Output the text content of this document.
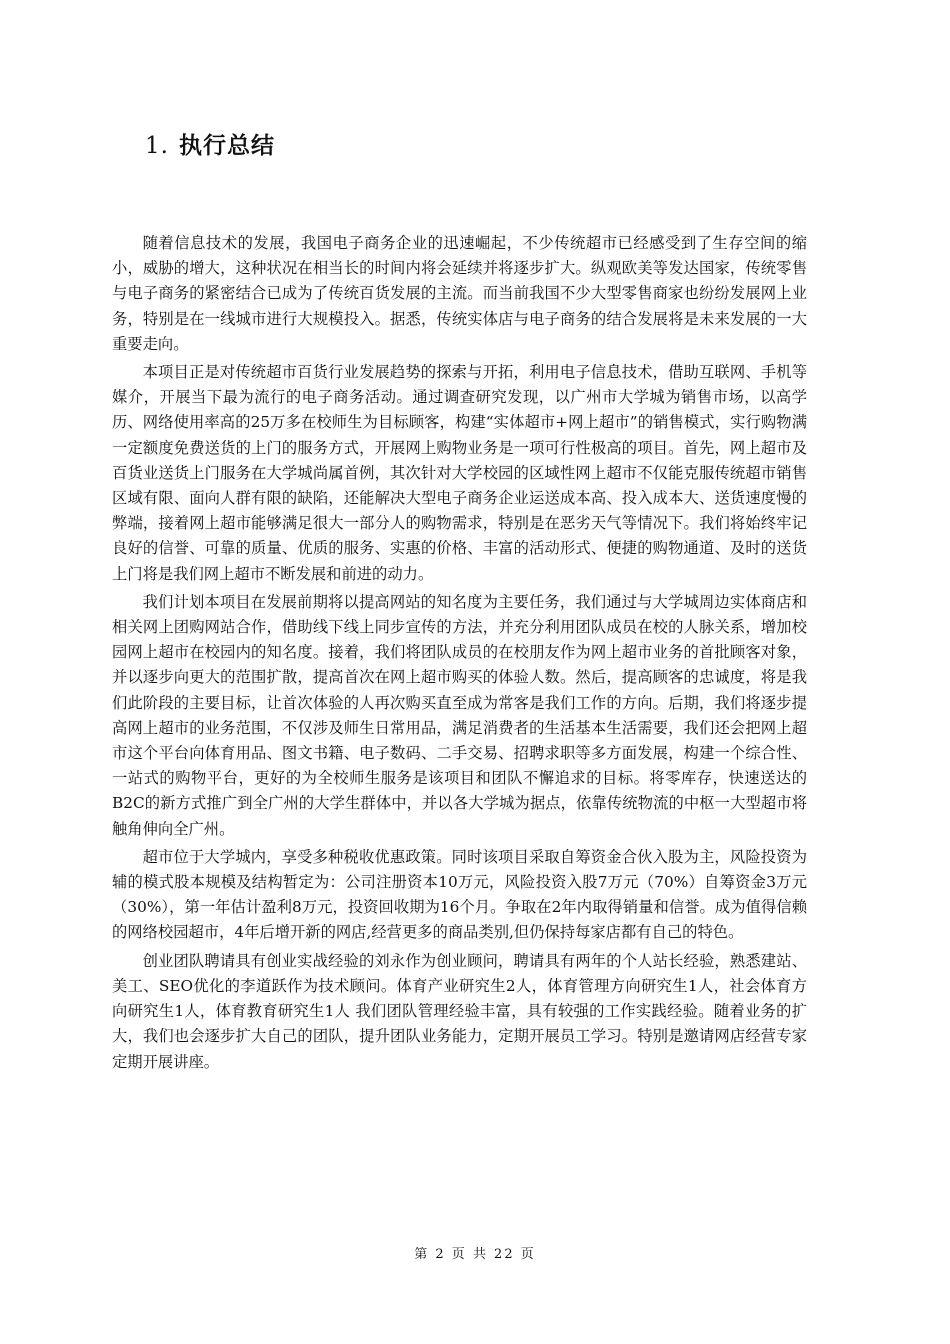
1. 执行总结

随着信息技术的发展，我国电子商务企业的迅速崛起，不少传统超市已经感受到了生存空间的缩小，威胁的增大，这种状况在相当长的时间内将会延续并将逐步扩大。纵观欧美等发达国家，传统零售与电子商务的紧密结合已成为了传统百货发展的主流。而当前我国不少大型零售商家也纷纷发展网上业务，特别是在一线城市进行大规模投入。据悉，传统实体店与电子商务的结合发展将是未来发展的一大重要走向。

本项目正是对传统超市百货行业发展趋势的探索与开拓，利用电子信息技术，借助互联网、手机等媒介，开展当下最为流行的电子商务活动。通过调查研究发现，以广州市大学城为销售市场，以高学历、网络使用率高的25万多在校师生为目标顾客，构建“实体超市+网上超市”的销售模式，实行购物满一定额度免费送货的上门的服务方式，开展网上购物业务是一项可行性极高的项目。首先，网上超市及百货业送货上门服务在大学城尚属首例，其次针对大学校园的区域性网上超市不仅能克服传统超市销售区域有限、面向人群有限的缺陷，还能解决大型电子商务企业运送成本高、投入成本大、送货速度慢的弊端，接着网上超市能够满足很大一部分人的购物需求，特别是在恶劣天气等情况下。我们将始终牢记良好的信誉、可靠的质量、优质的服务、实惠的价格、丰富的活动形式、便捷的购物通道、及时的送货上门将是我们网上超市不断发展和前进的动力。

我们计划本项目在发展前期将以提高网站的知名度为主要任务，我们通过与大学城周边实体商店和相关网上团购网站合作，借助线下线上同步宣传的方法，并充分利用团队成员在校的人脉关系，增加校园网上超市在校园内的知名度。接着，我们将团队成员的在校朋友作为网上超市业务的首批顾客对象，并以逐步向更大的范围扩散，提高首次在网上超市购买的体验人数。然后，提高顾客的忠诚度，将是我们此阶段的主要目标，让首次体验的人再次购买直至成为常客是我们工作的方向。后期，我们将逐步提高网上超市的业务范围，不仅涉及师生日常用品，满足消费者的生活基本生活需要，我们还会把网上超市这个平台向体育用品、图文书籍、电子数码、二手交易、招聘求职等多方面发展，构建一个综合性、一站式的购物平台，更好的为全校师生服务是该项目和团队不懈追求的目标。将零库存，快速送达的B2C的新方式推广到全广州的大学生群体中，并以各大学城为据点，依靠传统物流的中枢一大型超市将触角伸向全广州。

超市位于大学城内，享受多种税收优惠政策。同时该项目采取自筹资金合伙入股为主，风险投资为辅的模式股本规模及结构暂定为：公司注册资本10万元，风险投资入股7万元（70%）自筹资金3万元（30%），第一年估计盈利8万元，投资回收期为16个月。争取在2年内取得销量和信誉。成为值得信赖的网络校园超市，4年后增开新的网店,经营更多的商品类别,但仍保持每家店都有自己的特色。

创业团队聘请具有创业实战经验的刘永作为创业顾问，聘请具有两年的个人站长经验，熟悉建站、美工、SEO优化的李道跃作为技术顾问。体育产业研究生2人，体育管理方向研究生1人，社会体育方向研究生1人，体育教育研究生1人 我们团队管理经验丰富，具有较强的工作实践经验。随着业务的扩大，我们也会逐步扩大自己的团队，提升团队业务能力，定期开展员工学习。特别是邀请网店经营专家定期开展讲座。

第 2 页 共 22 页
